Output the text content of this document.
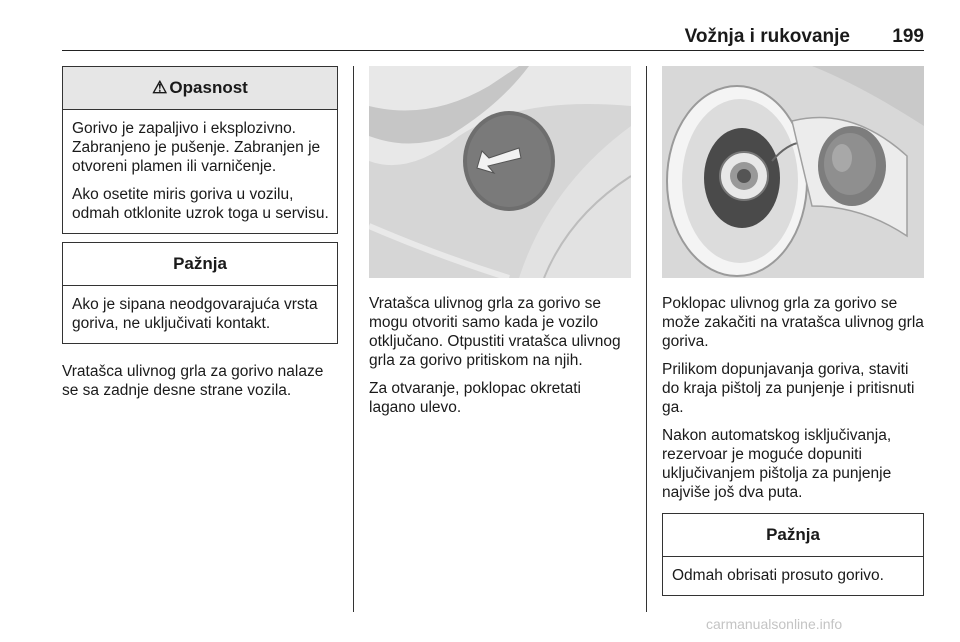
Vožnja i rukovanje 199
⚠ Opasnost

Gorivo je zapaljivo i eksplozivno. Zabranjeno je pušenje. Zabranjen je otvoreni plamen ili varničenje.

Ako osetite miris goriva u vozilu, odmah otklonite uzrok toga u servisu.

Pažnja

Ako je sipana neodgovarajuća vrsta goriva, ne uključivati kontakt.

Vratašca ulivnog grla za gorivo nalaze se sa zadnje desne strane vozila.

Vratašca ulivnog grla za gorivo se mogu otvoriti samo kada je vozilo otključano. Otpustiti vratašca ulivnog grla za gorivo pritiskom na njih.

Za otvaranje, poklopac okretati lagano ulevo.

Poklopac ulivnog grla za gorivo se može zakačiti na vratašca ulivnog grla goriva.

Prilikom dopunjavanja goriva, staviti do kraja pištolj za punjenje i pritisnuti ga.

Nakon automatskog isključivanja, rezervoar je moguće dopuniti uključivanjem pištolja za punjenje najviše još dva puta.

Pažnja

Odmah obrisati prosuto gorivo.

carmanualsonline.info
